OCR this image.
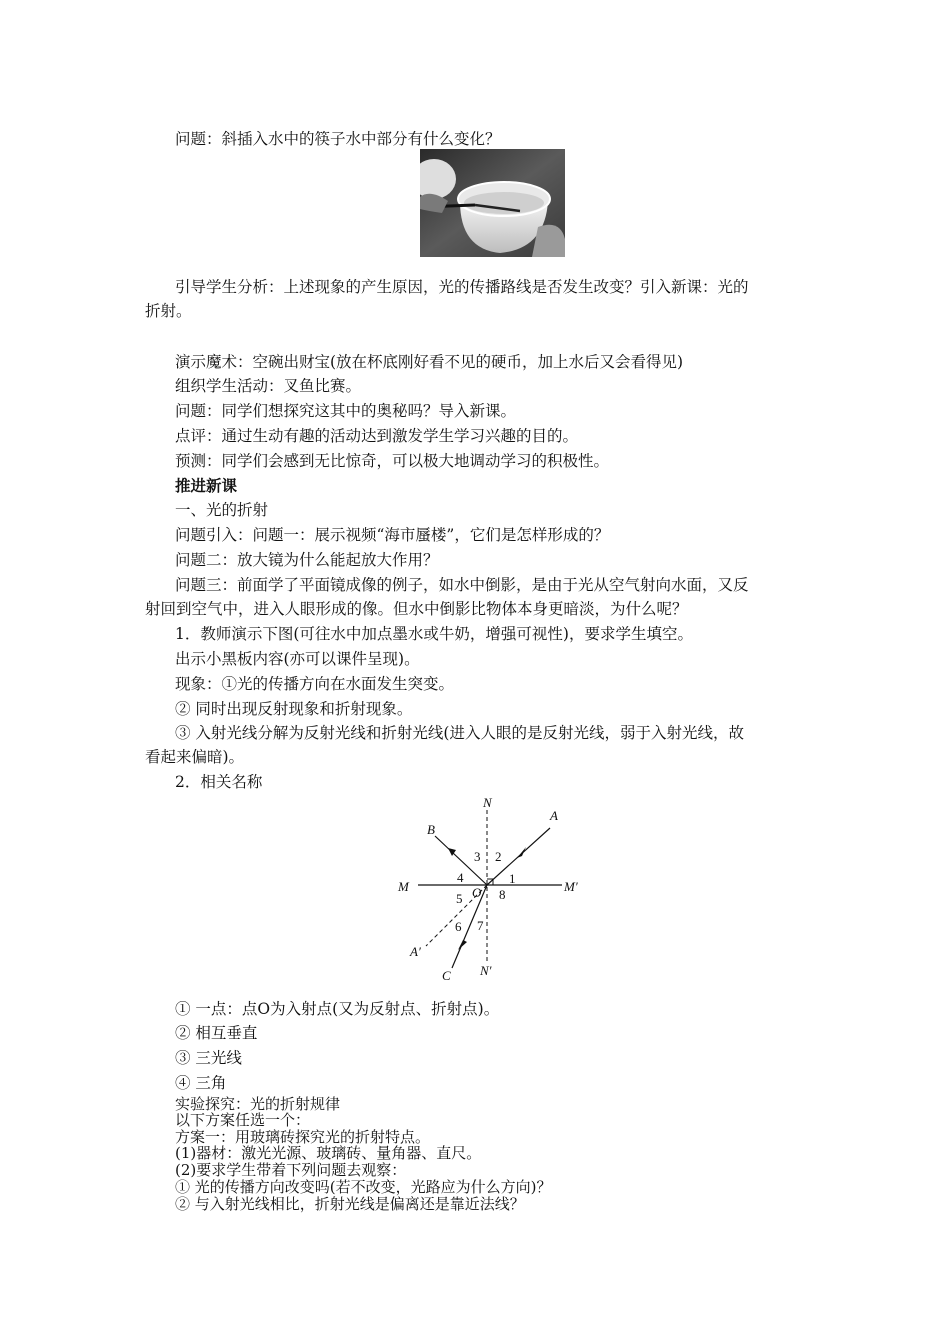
问题：斜插入水中的筷子水中部分有什么变化？
引导学生分析：上述现象的产生原因，光的传播路线是否发生改变？引入新课：光的
折射。
演示魔术：空碗出财宝(放在杯底刚好看不见的硬币，加上水后又会看得见)
组织学生活动：叉鱼比赛。
问题：同学们想探究这其中的奥秘吗？导入新课。
点评：通过生动有趣的活动达到激发学生学习兴趣的目的。
预测：同学们会感到无比惊奇，可以极大地调动学习的积极性。
推进新课
一、光的折射
问题引入：问题一：展示视频“海市蜃楼”，它们是怎样形成的？
问题二：放大镜为什么能起放大作用？
问题三：前面学了平面镜成像的例子，如水中倒影，是由于光从空气射向水面，又反
射回到空气中，进入人眼形成的像。但水中倒影比物体本身更暗淡，为什么呢？
1．教师演示下图(可往水中加点墨水或牛奶，增强可视性)，要求学生填空。
出示小黑板内容(亦可以课件呈现)。
现象：①光的传播方向在水面发生突变。
② 同时出现反射现象和折射现象。
③ 入射光线分解为反射光线和折射光线(进入人眼的是反射光线，弱于入射光线，故
看起来偏暗)。
2．相关名称
N
A
B
M	M′
O
A′
C N′
1
2
3
4
5
6 7
8
① 一点：点O为入射点(又为反射点、折射点)。
② 相互垂直
③ 三光线
④ 三角
实验探究：光的折射规律
以下方案任选一个：
方案一：用玻璃砖探究光的折射特点。
(1)器材：激光光源、玻璃砖、量角器、直尺。
(2)要求学生带着下列问题去观察：
① 光的传播方向改变吗(若不改变，光路应为什么方向)？
② 与入射光线相比，折射光线是偏离还是靠近法线？
